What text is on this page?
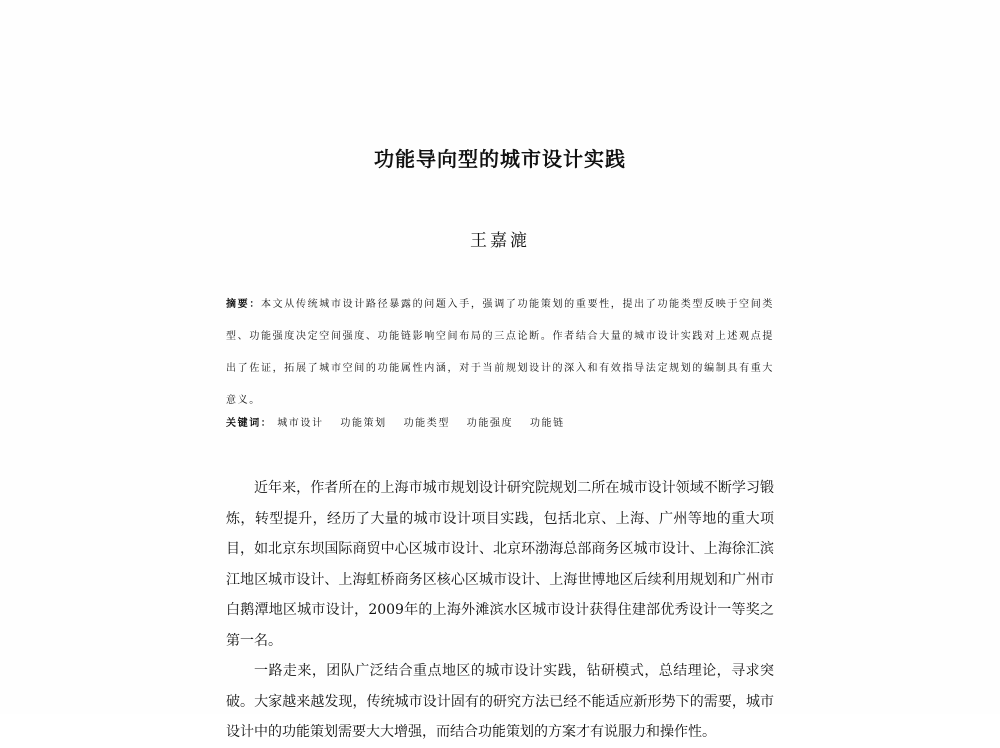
功能导向型的城市设计实践
王嘉漉
摘要：本文从传统城市设计路径暴露的问题入手，强调了功能策划的重要性，提出了功能类型反映于空间类型、功能强度决定空间强度、功能链影响空间布局的三点论断。作者结合大量的城市设计实践对上述观点提出了佐证，拓展了城市空间的功能属性内涵，对于当前规划设计的深入和有效指导法定规划的编制具有重大意义。
关键词： 城市设计 功能策划 功能类型 功能强度 功能链

近年来，作者所在的上海市城市规划设计研究院规划二所在城市设计领域不断学习锻炼，转型提升，经历了大量的城市设计项目实践，包括北京、上海、广州等地的重大项目，如北京东坝国际商贸中心区城市设计、北京环渤海总部商务区城市设计、上海徐汇滨江地区城市设计、上海虹桥商务区核心区城市设计、上海世博地区后续利用规划和广州市白鹅潭地区城市设计，2009年的上海外滩滨水区城市设计获得住建部优秀设计一等奖之第一名。

一路走来，团队广泛结合重点地区的城市设计实践，钻研模式，总结理论，寻求突破。大家越来越发现，传统城市设计固有的研究方法已经不能适应新形势下的需要，城市设计中的功能策划需要大大增强，而结合功能策划的方案才有说服力和操作性。
